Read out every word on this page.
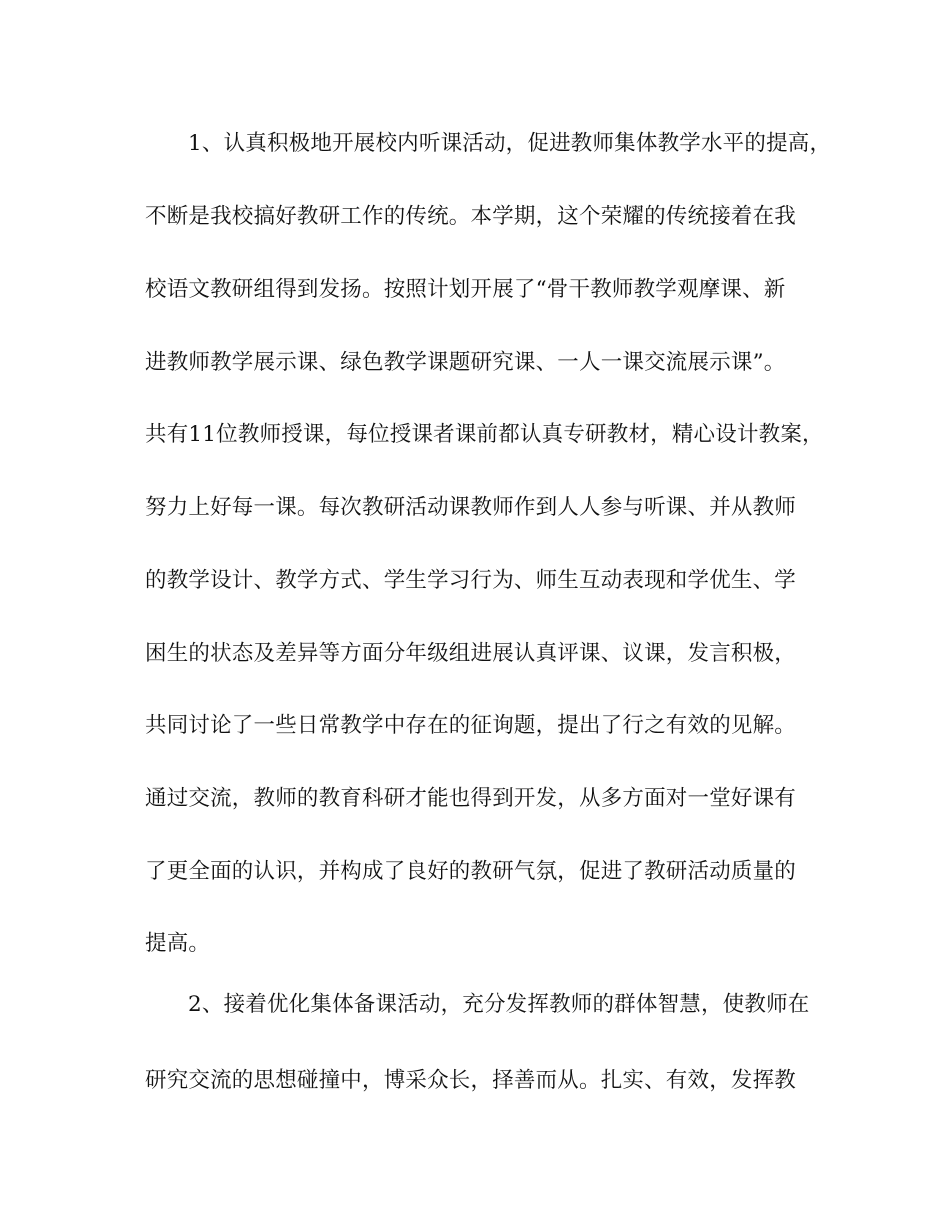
1、认真积极地开展校内听课活动，促进教师集体教学水平的提高，
不断是我校搞好教研工作的传统。本学期，这个荣耀的传统接着在我
校语文教研组得到发扬。按照计划开展了“骨干教师教学观摩课、新
进教师教学展示课、绿色教学课题研究课、一人一课交流展示课”。
共有11位教师授课，每位授课者课前都认真专研教材，精心设计教案，
努力上好每一课。每次教研活动课教师作到人人参与听课、并从教师
的教学设计、教学方式、学生学习行为、师生互动表现和学优生、学
困生的状态及差异等方面分年级组进展认真评课、议课，发言积极，
共同讨论了一些日常教学中存在的征询题，提出了行之有效的见解。
通过交流，教师的教育科研才能也得到开发，从多方面对一堂好课有
了更全面的认识，并构成了良好的教研气氛，促进了教研活动质量的
提高。
2、接着优化集体备课活动，充分发挥教师的群体智慧，使教师在
研究交流的思想碰撞中，博采众长，择善而从。扎实、有效，发挥教
